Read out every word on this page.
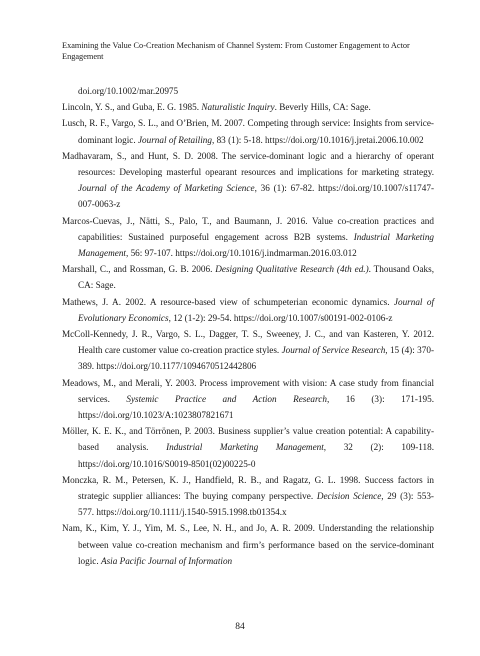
Examining the Value Co-Creation Mechanism of Channel System: From Customer Engagement to Actor Engagement

doi.org/10.1002/mar.20975

Lincoln, Y. S., and Guba, E. G. 1985. Naturalistic Inquiry. Beverly Hills, CA: Sage.

Lusch, R. F., Vargo, S. L., and O’Brien, M. 2007. Competing through service: Insights from service-dominant logic. Journal of Retailing, 83 (1): 5-18. https://doi.org/10.1016/j.jretai.2006.10.002

Madhavaram, S., and Hunt, S. D. 2008. The service-dominant logic and a hierarchy of operant resources: Developing masterful opearant resources and implications for marketing strategy. Journal of the Academy of Marketing Science, 36 (1): 67-82. https://doi.org/10.1007/s11747-007-0063-z

Marcos-Cuevas, J., Nätti, S., Palo, T., and Baumann, J. 2016. Value co-creation practices and capabilities: Sustained purposeful engagement across B2B systems. Industrial Marketing Management, 56: 97-107. https://doi.org/10.1016/j.indmarman.2016.03.012

Marshall, C., and Rossman, G. B. 2006. Designing Qualitative Research (4th ed.). Thousand Oaks, CA: Sage.

Mathews, J. A. 2002. A resource-based view of schumpeterian economic dynamics. Journal of Evolutionary Economics, 12 (1-2): 29-54. https://doi.org/10.1007/s00191-002-0106-z

McColl-Kennedy, J. R., Vargo, S. L., Dagger, T. S., Sweeney, J. C., and van Kasteren, Y. 2012. Health care customer value co-creation practice styles. Journal of Service Research, 15 (4): 370-389. https://doi.org/10.1177/1094670512442806

Meadows, M., and Merali, Y. 2003. Process improvement with vision: A case study from financial services. Systemic Practice and Action Research, 16 (3): 171-195. https://doi.org/10.1023/A:1023807821671

Möller, K. E. K., and Törrönen, P. 2003. Business supplier’s value creation potential: A capability-based analysis. Industrial Marketing Management, 32 (2): 109-118. https://doi.org/10.1016/S0019-8501(02)00225-0

Monczka, R. M., Petersen, K. J., Handfield, R. B., and Ragatz, G. L. 1998. Success factors in strategic supplier alliances: The buying company perspective. Decision Science, 29 (3): 553-577. https://doi.org/10.1111/j.1540-5915.1998.tb01354.x

Nam, K., Kim, Y. J., Yim, M. S., Lee, N. H., and Jo, A. R. 2009. Understanding the relationship between value co-creation mechanism and firm’s performance based on the service-dominant logic. Asia Pacific Journal of Information

84
